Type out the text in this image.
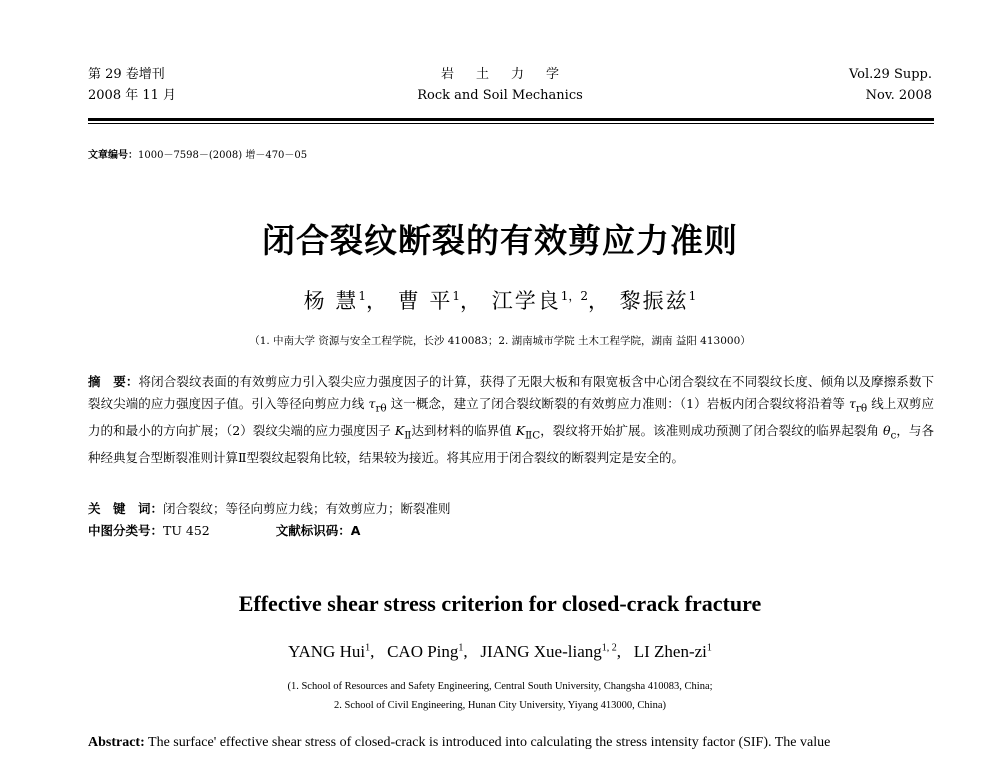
第 29 卷增刊
2008 年 11 月
岩土力学
Rock and Soil Mechanics
Vol.29 Supp.
Nov. 2008
文章编号：1000－7598－(2008) 增－470－05
闭合裂纹断裂的有效剪应力准则
杨 慧$^1$， 曹 平$^1$， 江学良$^{1,2}$， 黎振兹$^1$
（1. 中南大学 资源与安全工程学院，长沙 410083；2. 湖南城市学院 土木工程学院，湖南 益阳 413000）
摘　要：将闭合裂纹表面的有效剪应力引入裂尖应力强度因子的计算，获得了无限大板和有限宽板含中心闭合裂纹在不同裂纹长度、倾角以及摩擦系数下裂纹尖端的应力强度因子值。引入等径向剪应力线 $\tau_{r\theta}$ 这一概念，建立了闭合裂纹断裂的有效剪应力准则：（1）岩板内闭合裂纹将沿着等 $\tau_{r\theta}$ 线上双剪应力的和最小的方向扩展；（2）裂纹尖端的应力强度因子 $K_Ⅱ$达到材料的临界值 $K_{ⅡC}$，裂纹将开始扩展。该准则成功预测了闭合裂纹的临界起裂角 $\theta_c$，与各种经典复合型断裂准则计算Ⅱ型裂纹起裂角比较，结果较为接近。将其应用于闭合裂纹的断裂判定是安全的。
关　键　词：闭合裂纹；等径向剪应力线；有效剪应力；断裂准则
中图分类号：TU 452	文献标识码：A
Effective shear stress criterion for closed-crack fracture
YANG Hui$^1$,   CAO Ping$^1$,   JIANG Xue-liang$^{1, 2}$,   LI Zhen-$zi^1$
(1. School of Resources and Safety Engineering, Central South University, Changsha 410083, China;
2. School of Civil Engineering, Hunan City University, Yiyang 413000, China)
Abstract: The surface' effective shear stress of closed-crack is introduced into calculating the stress intensity factor (SIF). The value
